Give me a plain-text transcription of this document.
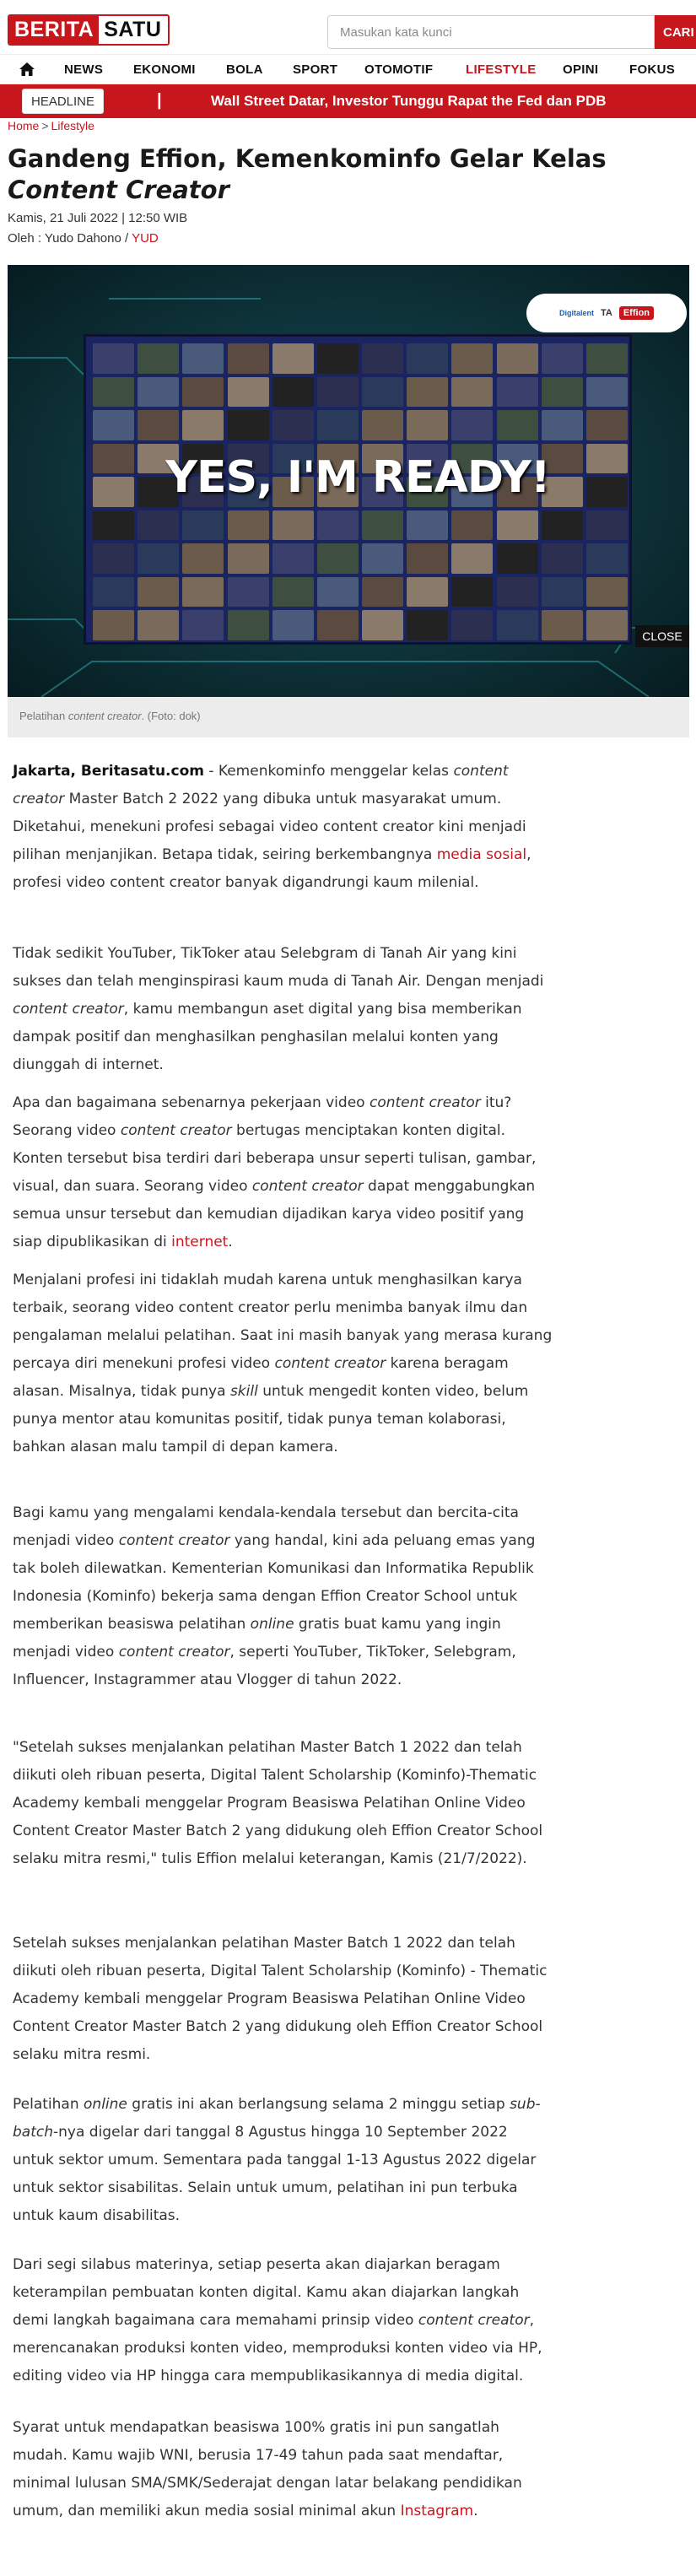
BERITA SATU
Masukan kata kunci	CARI
NEWS EKONOMI BOLA SPORT OTOMOTIF	LIFESTYLE OPINI FOKUS
HEADLINE	|	Wall Street Datar, Investor Tunggu Rapat the Fed dan PDB
Home > Lifestyle
Gandeng Effion, Kemenkominfo Gelar Kelas Content Creator
Kamis, 21 Juli 2022 | 12:50 WIB
Oleh : Yudo Dahono / YUD
Digitalent TA	Effion
YES, I'M READY!
CLOSE
Pelatihan content creator. (Foto: dok)

Jakarta, Beritasatu.com - Kemenkominfo menggelar kelas content creator Master Batch 2 2022 yang dibuka untuk masyarakat umum. Diketahui, menekuni profesi sebagai video content creator kini menjadi pilihan menjanjikan. Betapa tidak, seiring berkembangnya media sosial, profesi video content creator banyak digandrungi kaum milenial.

Tidak sedikit YouTuber, TikToker atau Selebgram di Tanah Air yang kini sukses dan telah menginspirasi kaum muda di Tanah Air. Dengan menjadi content creator, kamu membangun aset digital yang bisa memberikan dampak positif dan menghasilkan penghasilan melalui konten yang diunggah di internet.

Apa dan bagaimana sebenarnya pekerjaan video content creator itu? Seorang video content creator bertugas menciptakan konten digital. Konten tersebut bisa terdiri dari beberapa unsur seperti tulisan, gambar, visual, dan suara. Seorang video content creator dapat menggabungkan semua unsur tersebut dan kemudian dijadikan karya video positif yang siap dipublikasikan di internet.

Menjalani profesi ini tidaklah mudah karena untuk menghasilkan karya terbaik, seorang video content creator perlu menimba banyak ilmu dan pengalaman melalui pelatihan. Saat ini masih banyak yang merasa kurang percaya diri menekuni profesi video content creator karena beragam alasan. Misalnya, tidak punya skill untuk mengedit konten video, belum punya mentor atau komunitas positif, tidak punya teman kolaborasi, bahkan alasan malu tampil di depan kamera.

Bagi kamu yang mengalami kendala-kendala tersebut dan bercita-cita menjadi video content creator yang handal, kini ada peluang emas yang tak boleh dilewatkan. Kementerian Komunikasi dan Informatika Republik Indonesia (Kominfo) bekerja sama dengan Effion Creator School untuk memberikan beasiswa pelatihan online gratis buat kamu yang ingin menjadi video content creator, seperti YouTuber, TikToker, Selebgram, Influencer, Instagrammer atau Vlogger di tahun 2022.

"Setelah sukses menjalankan pelatihan Master Batch 1 2022 dan telah diikuti oleh ribuan peserta, Digital Talent Scholarship (Kominfo)-Thematic Academy kembali menggelar Program Beasiswa Pelatihan Online Video Content Creator Master Batch 2 yang didukung oleh Effion Creator School selaku mitra resmi," tulis Effion melalui keterangan, Kamis (21/7/2022).

Setelah sukses menjalankan pelatihan Master Batch 1 2022 dan telah diikuti oleh ribuan peserta, Digital Talent Scholarship (Kominfo) - Thematic Academy kembali menggelar Program Beasiswa Pelatihan Online Video Content Creator Master Batch 2 yang didukung oleh Effion Creator School selaku mitra resmi.

Pelatihan online gratis ini akan berlangsung selama 2 minggu setiap sub-batch-nya digelar dari tanggal 8 Agustus hingga 10 September 2022 untuk sektor umum. Sementara pada tanggal 1-13 Agustus 2022 digelar untuk sektor sisabilitas. Selain untuk umum, pelatihan ini pun terbuka untuk kaum disabilitas.

Dari segi silabus materinya, setiap peserta akan diajarkan beragam keterampilan pembuatan konten digital. Kamu akan diajarkan langkah demi langkah bagaimana cara memahami prinsip video content creator, merencanakan produksi konten video, memproduksi konten video via HP, editing video via HP hingga cara mempublikasikannya di media digital.

Syarat untuk mendapatkan beasiswa 100% gratis ini pun sangatlah mudah. Kamu wajib WNI, berusia 17-49 tahun pada saat mendaftar, minimal lulusan SMA/SMK/Sederajat dengan latar belakang pendidikan umum, dan memiliki akun media sosial minimal akun Instagram.
